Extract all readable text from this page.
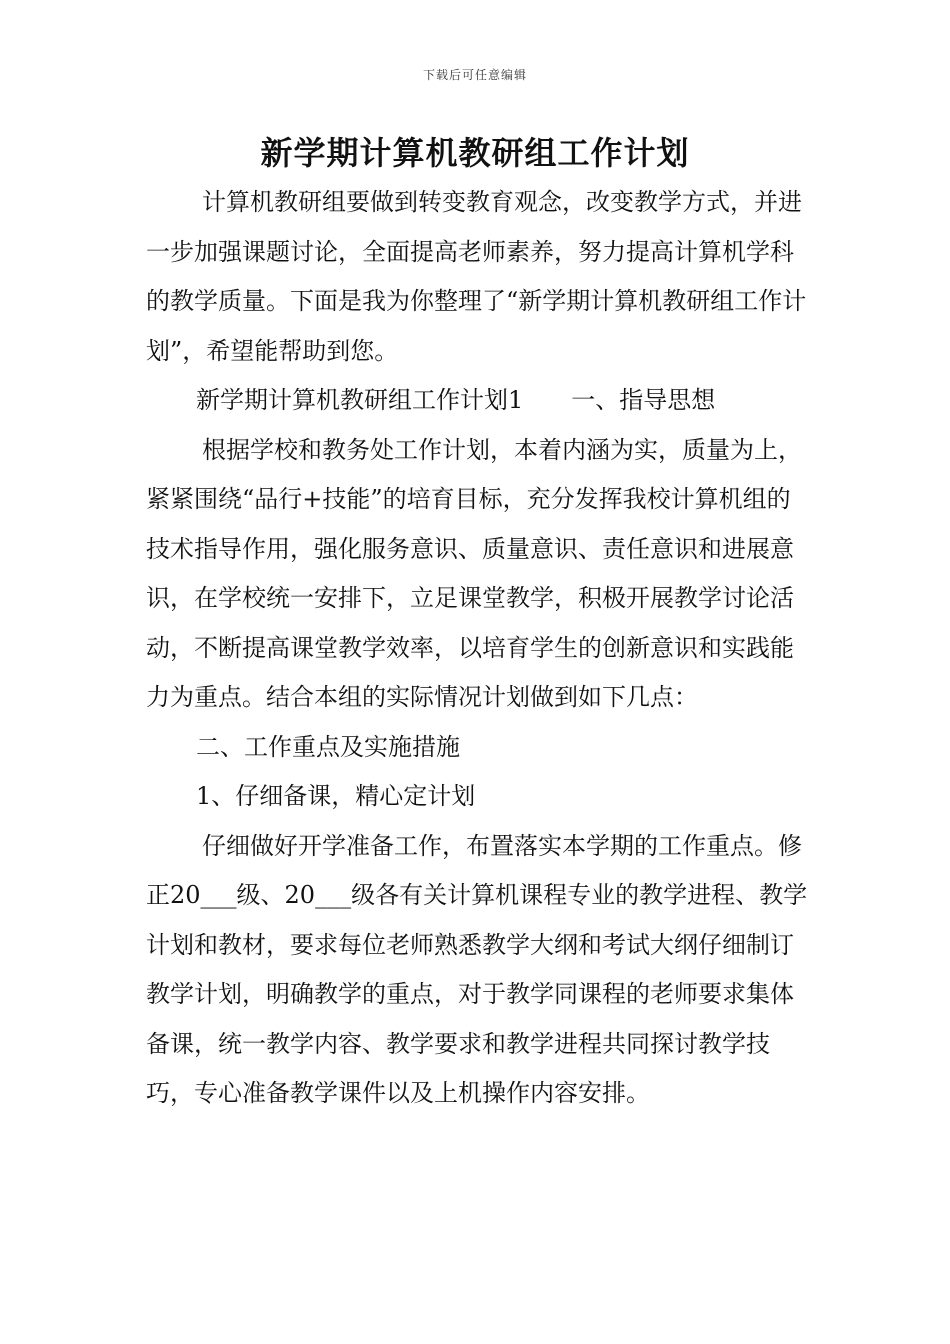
下载后可任意编辑
新学期计算机教研组工作计划

计算机教研组要做到转变教育观念，改变教学方式，并进一步加强课题讨论，全面提高老师素养，努力提高计算机学科的教学质量。下面是我为你整理了“新学期计算机教研组工作计划”，希望能帮助到您。

新学期计算机教研组工作计划1　　一、指导思想

根据学校和教务处工作计划，本着内涵为实，质量为上，紧紧围绕“品行+技能”的培育目标，充分发挥我校计算机组的技术指导作用，强化服务意识、质量意识、责任意识和进展意识，在学校统一安排下，立足课堂教学，积极开展教学讨论活动，不断提高课堂教学效率，以培育学生的创新意识和实践能力为重点。结合本组的实际情况计划做到如下几点：

二、工作重点及实施措施

1、仔细备课，精心定计划

仔细做好开学准备工作，布置落实本学期的工作重点。修正20___级、20___级各有关计算机课程专业的教学进程、教学计划和教材，要求每位老师熟悉教学大纲和考试大纲仔细制订教学计划，明确教学的重点，对于教学同课程的老师要求集体备课，统一教学内容、教学要求和教学进程共同探讨教学技巧，专心准备教学课件以及上机操作内容安排。
